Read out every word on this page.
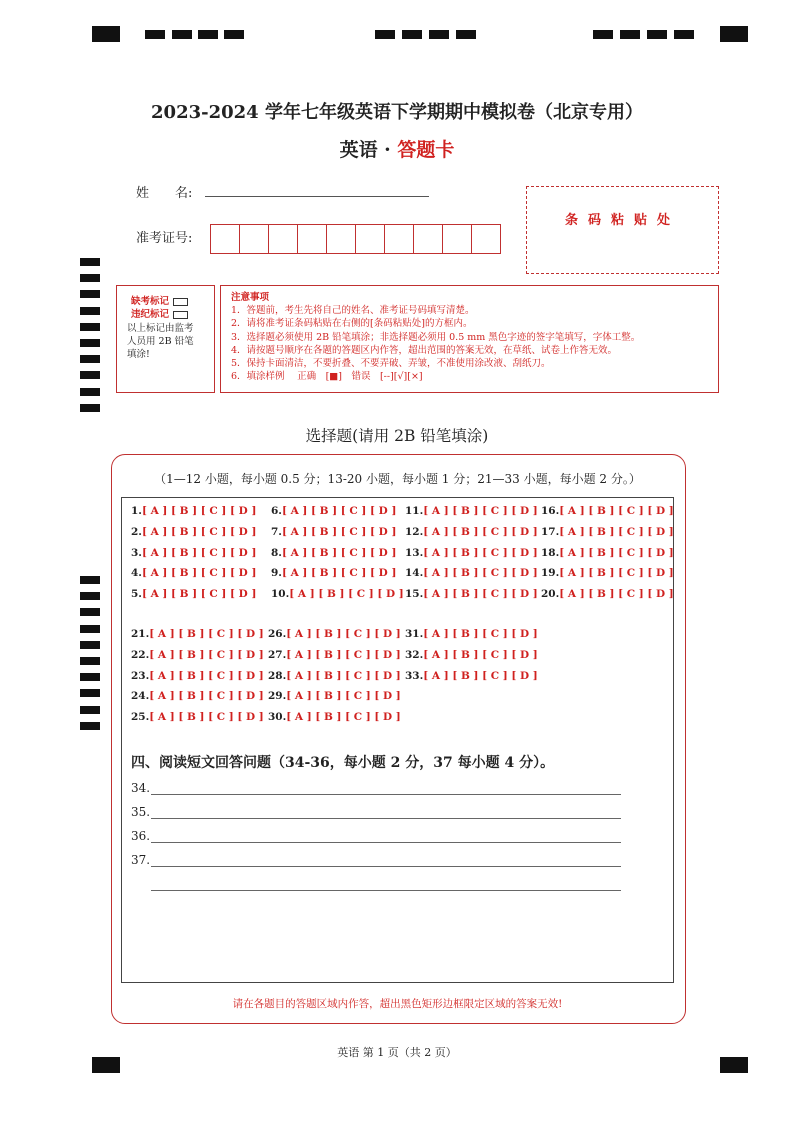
2023-2024 学年七年级英语下学期期中模拟卷（北京专用）
英语 · 答题卡
姓　　名:
准考证号:
条码粘贴处
缺考标记
违纪标记
以上标记由监考
人员用 2B 铅笔
填涂!
注意事项
1．答题前，考生先将自己的姓名、准考证号码填写清楚。
2．请将准考证条码粘贴在右侧的[条码粘贴处]的方框内。
3．选择题必须使用 2B 铅笔填涂；非选择题必须用 0.5 mm 黑色字迹的签字笔填写，字体工整。
4．请按题号顺序在各题的答题区内作答，超出范围的答案无效，在草纸、试卷上作答无效。
5．保持卡面清洁，不要折叠、不要弄破、弄皱，不准使用涂改液、刮纸刀。
6．填涂样例　 正确　[■]　错误　[--][√][×]
选择题(请用 2B 铅笔填涂)
（1—12 小题，每小题 0.5 分；13-20 小题，每小题 1 分；21—33 小题，每小题 2 分。）
1.[ A ] [ B ] [ C ] [ D ]
2.[ A ] [ B ] [ C ] [ D ]
3.[ A ] [ B ] [ C ] [ D ]
4.[ A ] [ B ] [ C ] [ D ]
5.[ A ] [ B ] [ C ] [ D ]
6.[ A ] [ B ] [ C ] [ D ]
7.[ A ] [ B ] [ C ] [ D ]
8.[ A ] [ B ] [ C ] [ D ]
9.[ A ] [ B ] [ C ] [ D ]
10.[ A ] [ B ] [ C ] [ D ]
11.[ A ] [ B ] [ C ] [ D ]
12.[ A ] [ B ] [ C ] [ D ]
13.[ A ] [ B ] [ C ] [ D ]
14.[ A ] [ B ] [ C ] [ D ]
15.[ A ] [ B ] [ C ] [ D ]
16.[ A ] [ B ] [ C ] [ D ]
17.[ A ] [ B ] [ C ] [ D ]
18.[ A ] [ B ] [ C ] [ D ]
19.[ A ] [ B ] [ C ] [ D ]
20.[ A ] [ B ] [ C ] [ D ]
21.[ A ] [ B ] [ C ] [ D ]
22.[ A ] [ B ] [ C ] [ D ]
23.[ A ] [ B ] [ C ] [ D ]
24.[ A ] [ B ] [ C ] [ D ]
25.[ A ] [ B ] [ C ] [ D ]
26.[ A ] [ B ] [ C ] [ D ]
27.[ A ] [ B ] [ C ] [ D ]
28.[ A ] [ B ] [ C ] [ D ]
29.[ A ] [ B ] [ C ] [ D ]
30.[ A ] [ B ] [ C ] [ D ]
31.[ A ] [ B ] [ C ] [ D ]
32.[ A ] [ B ] [ C ] [ D ]
33.[ A ] [ B ] [ C ] [ D ]
四、阅读短文回答问题（34-36，每小题 2 分，37 每小题 4 分）。
34.
35.
36.
37.
请在各题目的答题区域内作答，超出黑色矩形边框限定区域的答案无效!
英语 第 1 页（共 2 页）
